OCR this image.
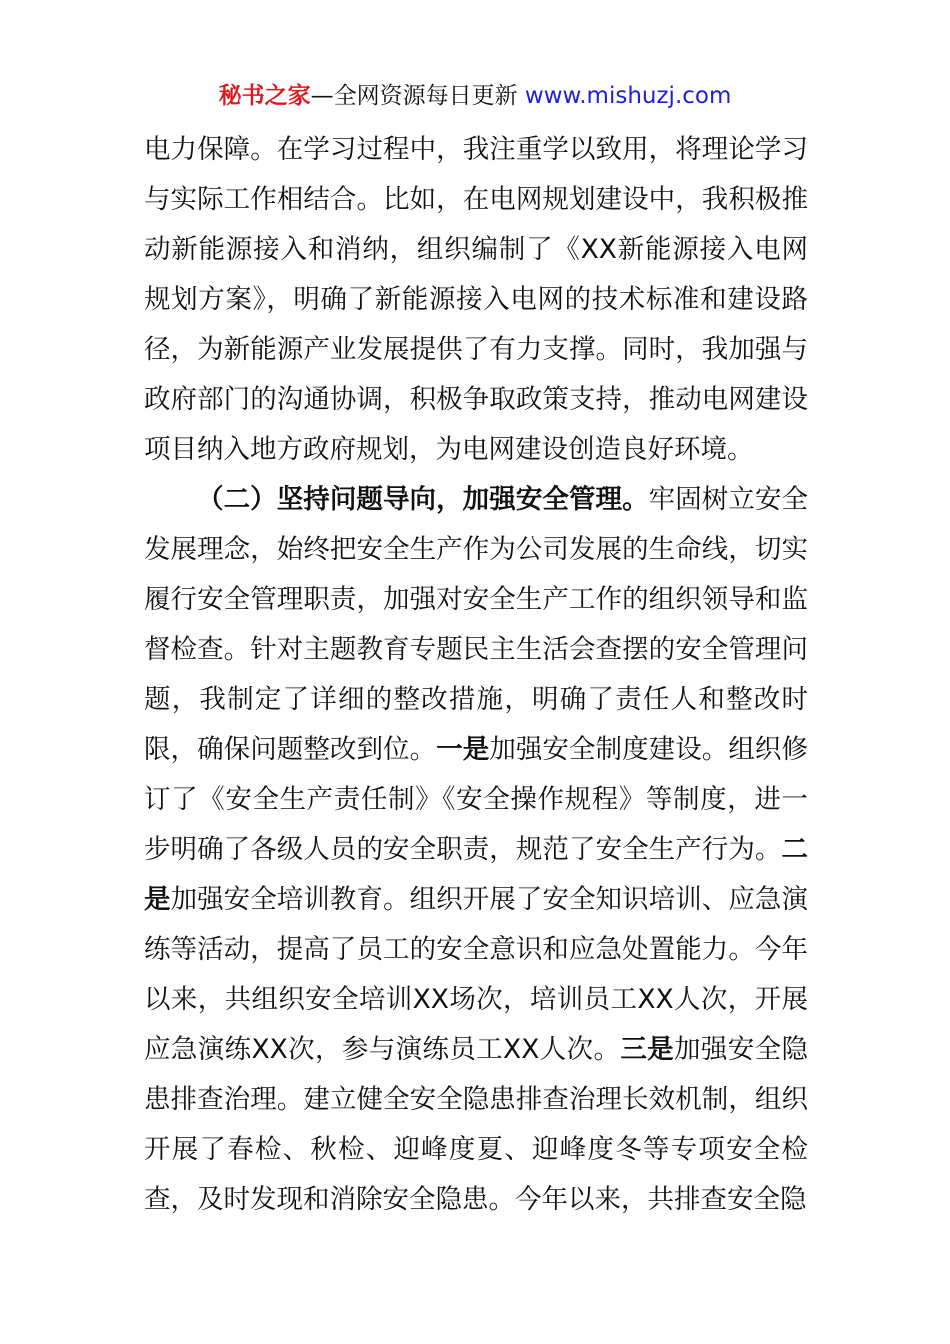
秘书之家—全网资源每日更新 www.mishuzj.com

电力保障。在学习过程中，我注重学以致用，将理论学习与实际工作相结合。比如，在电网规划建设中，我积极推动新能源接入和消纳，组织编制了《XX新能源接入电网规划方案》，明确了新能源接入电网的技术标准和建设路径，为新能源产业发展提供了有力支撑。同时，我加强与政府部门的沟通协调，积极争取政策支持，推动电网建设项目纳入地方政府规划，为电网建设创造良好环境。

（二）坚持问题导向，加强安全管理。牢固树立安全发展理念，始终把安全生产作为公司发展的生命线，切实履行安全管理职责，加强对安全生产工作的组织领导和监督检查。针对主题教育专题民主生活会查摆的安全管理问题，我制定了详细的整改措施，明确了责任人和整改时限，确保问题整改到位。一是加强安全制度建设。组织修订了《安全生产责任制》《安全操作规程》等制度，进一步明确了各级人员的安全职责，规范了安全生产行为。二是加强安全培训教育。组织开展了安全知识培训、应急演练等活动，提高了员工的安全意识和应急处置能力。今年以来，共组织安全培训XX场次，培训员工XX人次，开展应急演练XX次，参与演练员工XX人次。三是加强安全隐患排查治理。建立健全安全隐患排查治理长效机制，组织开展了春检、秋检、迎峰度夏、迎峰度冬等专项安全检查，及时发现和消除安全隐患。今年以来，共排查安全隐
